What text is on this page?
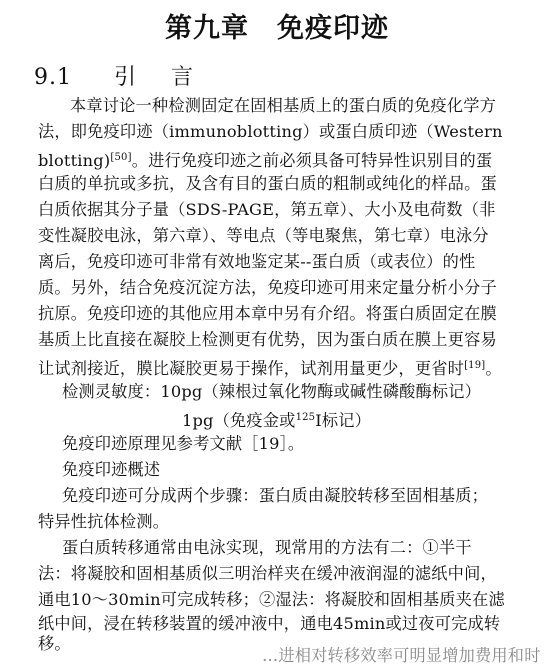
第九章　免疫印迹
9.1 引 言
本章讨论一种检测固定在固相基质上的蛋白质的免疫化学方
法，即免疫印迹（immunoblotting）或蛋白质印迹（Western
blotting)[50]。进行免疫印迹之前必须具备可特异性识别目的蛋
白质的单抗或多抗，及含有目的蛋白质的粗制或纯化的样品。蛋
白质依据其分子量（SDS-PAGE，第五章）、大小及电荷数（非
变性凝胶电泳，第六章）、等电点（等电聚焦，第七章）电泳分
离后，免疫印迹可非常有效地鉴定某--蛋白质（或表位）的性
质。另外，结合免疫沉淀方法，免疫印迹可用来定量分析小分子
抗原。免疫印迹的其他应用本章中另有介绍。将蛋白质固定在膜
基质上比直接在凝胶上检测更有优势，因为蛋白质在膜上更容易
让试剂接近，膜比凝胶更易于操作，试剂用量更少，更省时[19]。
检测灵敏度：10pg（辣根过氧化物酶或碱性磷酸酶标记）
1pg（免疫金或$^{125}$I标记）
免疫印迹原理见参考文献［19］。
免疫印迹概述
免疫印迹可分成两个步骤：蛋白质由凝胶转移至固相基质；
特异性抗体检测。
蛋白质转移通常由电泳实现，现常用的方法有二：①半干
法：将凝胶和固相基质似三明治样夹在缓冲液润湿的滤纸中间，
通电10～30min可完成转移；②湿法：将凝胶和固相基质夹在滤
纸中间，浸在转移装置的缓冲液中，通电45min或过夜可完成转
移。
…进相对转移效率可明显增加费用和时
